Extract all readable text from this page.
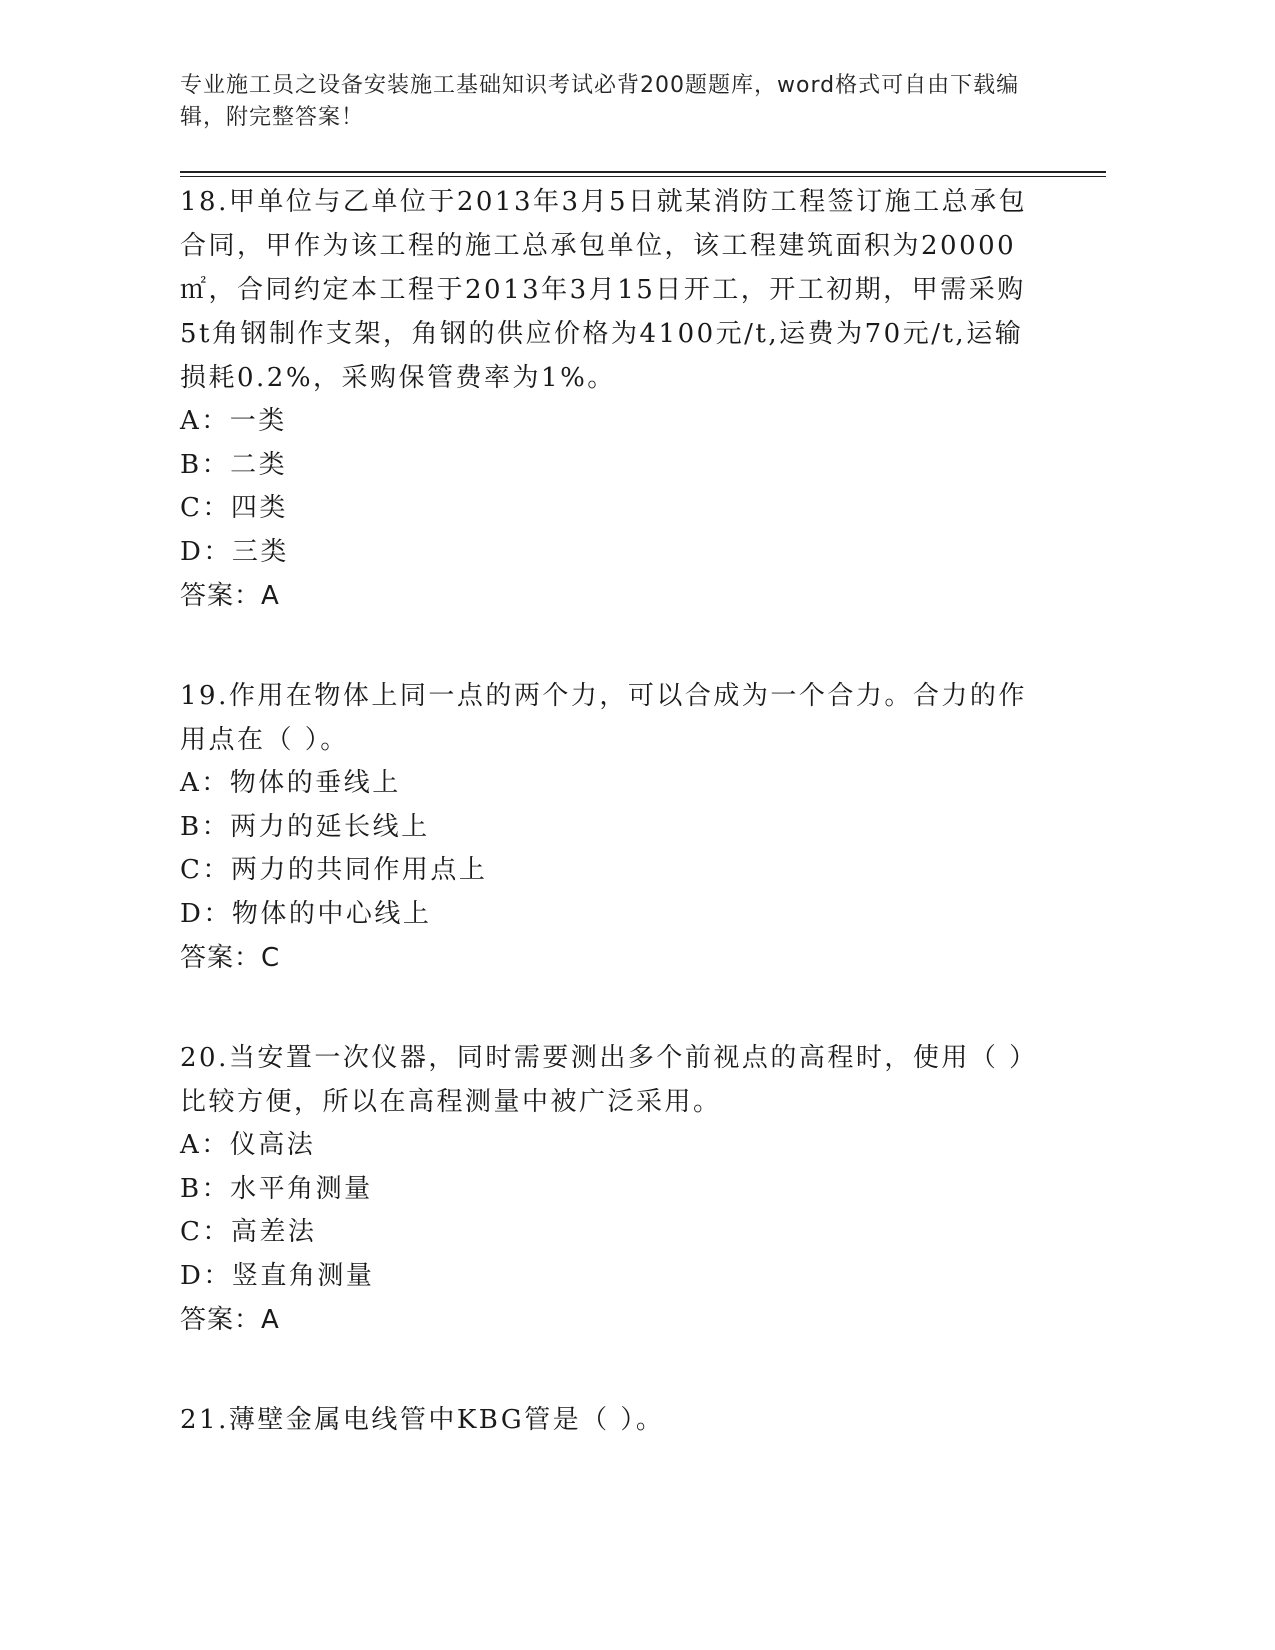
专业施工员之设备安装施工基础知识考试必背200题题库，word格式可自由下载编辑，附完整答案！

18.甲单位与乙单位于2013年3月5日就某消防工程签订施工总承包合同，甲作为该工程的施工总承包单位，该工程建筑面积为20000㎡，合同约定本工程于2013年3月15日开工，开工初期，甲需采购5t角钢制作支架，角钢的供应价格为4100元/t,运费为70元/t,运输损耗0.2%，采购保管费率为1%。

A：一类

B：二类

C：四类

D：三类

答案：A

19.作用在物体上同一点的两个力，可以合成为一个合力。合力的作用点在（ ）。

A：物体的垂线上

B：两力的延长线上

C：两力的共同作用点上

D：物体的中心线上

答案：C

20.当安置一次仪器，同时需要测出多个前视点的高程时，使用（ ）比较方便，所以在高程测量中被广泛采用。

A：仪高法

B：水平角测量

C：高差法

D：竖直角测量

答案：A

21.薄壁金属电线管中KBG管是（ ）。
